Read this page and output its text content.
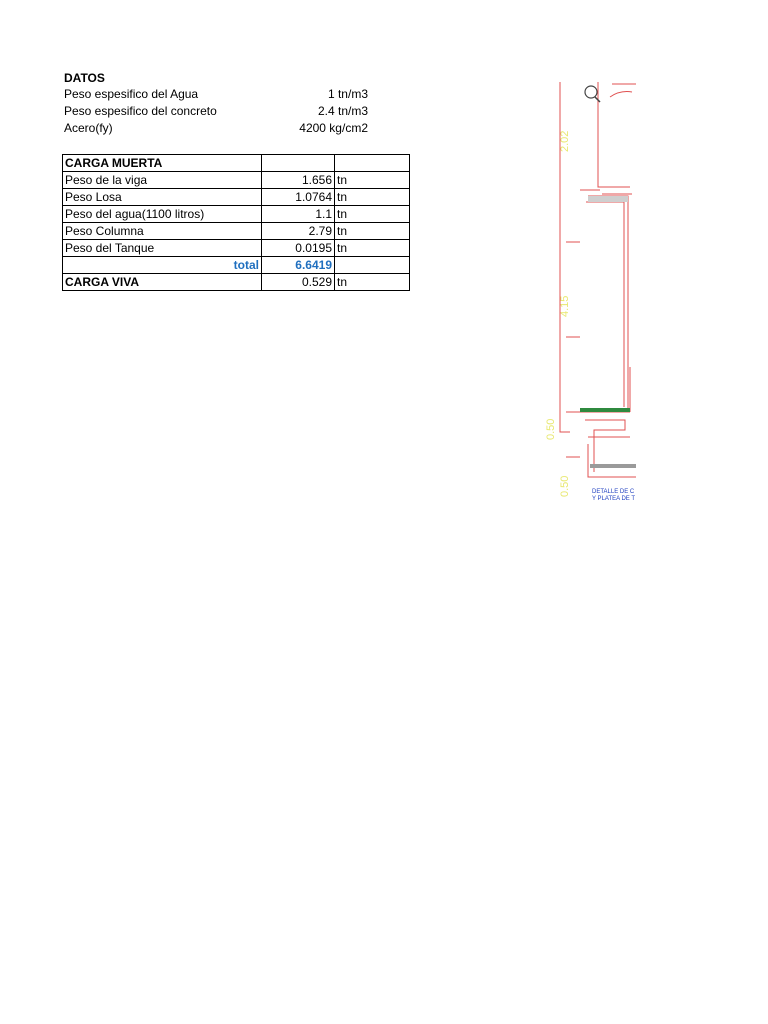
DATOS
Peso espesifico del Agua	1 tn/m3
Peso espesifico del concreto	2.4 tn/m3
Acero(fy)	4200 kg/cm2
CARGA MUERTA		
Peso de la viga	1.656	tn
Peso Losa	1.0764	tn
Peso del agua(1100 litros)	1.1	tn
Peso Columna	2.79	tn
Peso del Tanque	0.0195	tn
total	6.6419	
CARGA VIVA	0.529	tn
2.02
4.15
0.50
0.50	DETALLE DE C
Y PLATEA DE T
